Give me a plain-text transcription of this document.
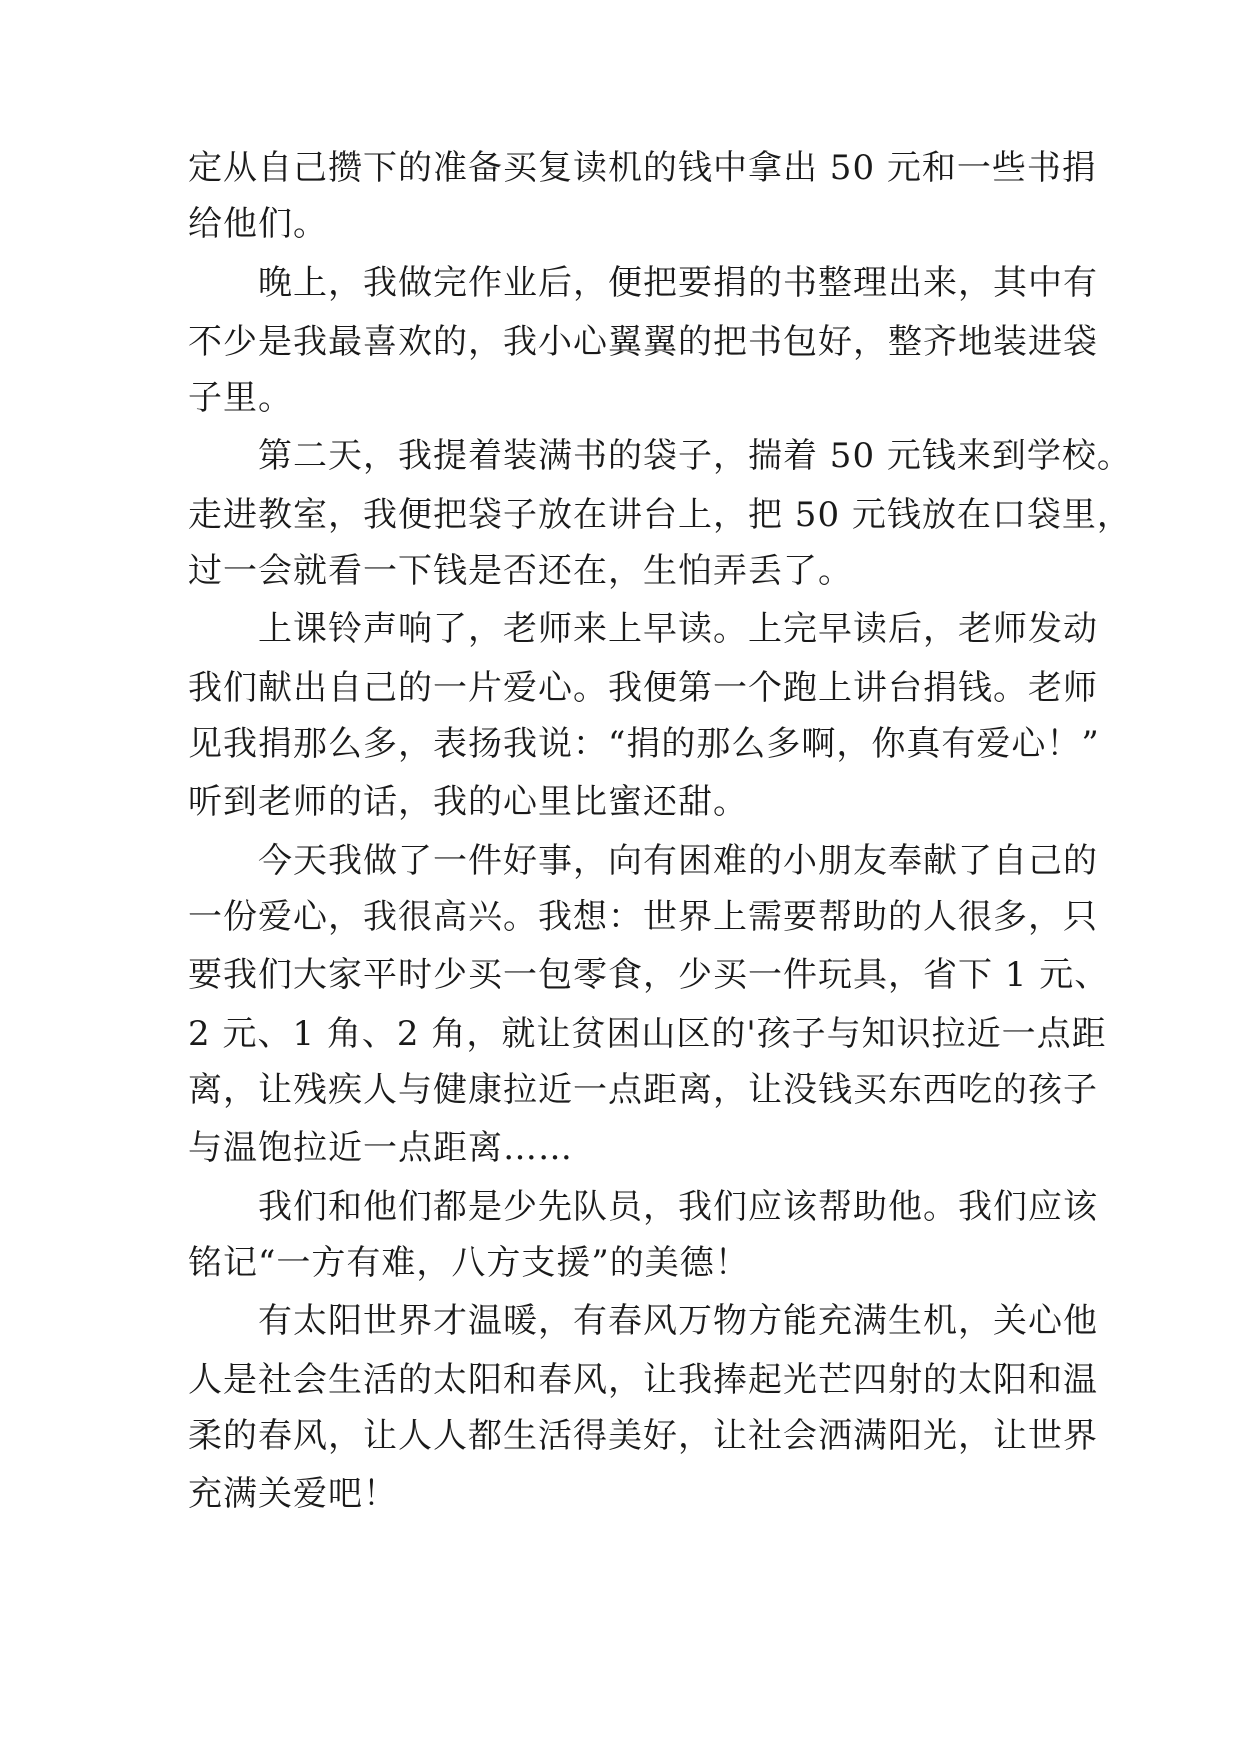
定从自己攒下的准备买复读机的钱中拿出 50 元和一些书捐
给他们。
　　晚上，我做完作业后，便把要捐的书整理出来，其中有
不少是我最喜欢的，我小心翼翼的把书包好，整齐地装进袋
子里。
　　第二天，我提着装满书的袋子，揣着 50 元钱来到学校。
走进教室，我便把袋子放在讲台上，把 50 元钱放在口袋里，
过一会就看一下钱是否还在，生怕弄丢了。
　　上课铃声响了，老师来上早读。上完早读后，老师发动
我们献出自己的一片爱心。我便第一个跑上讲台捐钱。老师
见我捐那么多，表扬我说：“捐的那么多啊，你真有爱心！”
听到老师的话，我的心里比蜜还甜。
　　今天我做了一件好事，向有困难的小朋友奉献了自己的
一份爱心，我很高兴。我想：世界上需要帮助的人很多，只
要我们大家平时少买一包零食，少买一件玩具，省下 1 元、
2 元、1 角、2 角，就让贫困山区的'孩子与知识拉近一点距
离，让残疾人与健康拉近一点距离，让没钱买东西吃的孩子
与温饱拉近一点距离……
　　我们和他们都是少先队员，我们应该帮助他。我们应该
铭记“一方有难，八方支援”的美德！
　　有太阳世界才温暖，有春风万物方能充满生机，关心他
人是社会生活的太阳和春风，让我捧起光芒四射的太阳和温
柔的春风，让人人都生活得美好，让社会洒满阳光，让世界
充满关爱吧！
